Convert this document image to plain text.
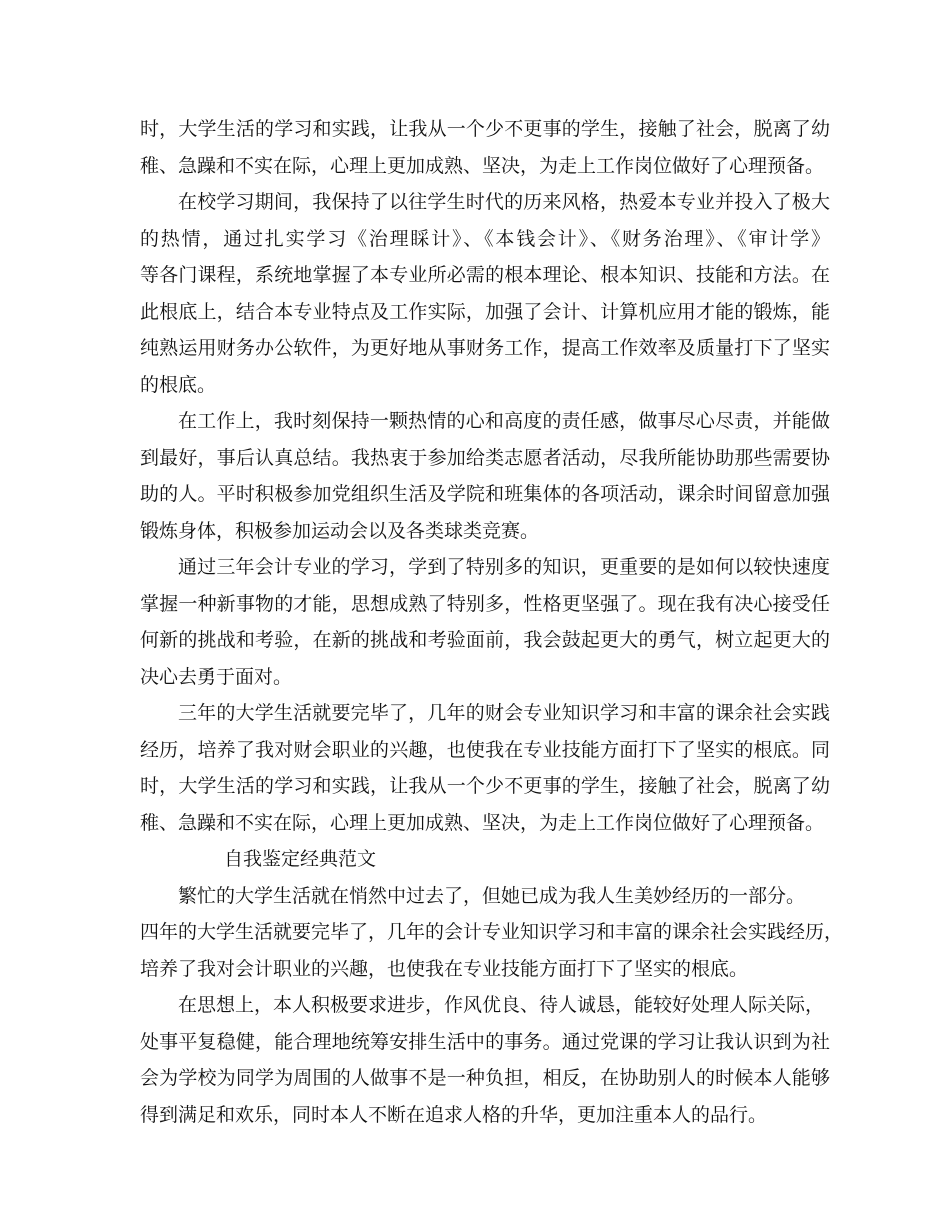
时，大学生活的学习和实践，让我从一个少不更事的学生，接触了社会，脱离了幼
稚、急躁和不实在际，心理上更加成熟、坚决，为走上工作岗位做好了心理预备。
在校学习期间，我保持了以往学生时代的历来风格，热爱本专业并投入了极大
的热情，通过扎实学习《治理睬计》、《本钱会计》、《财务治理》、《审计学》
等各门课程，系统地掌握了本专业所必需的根本理论、根本知识、技能和方法。在
此根底上，结合本专业特点及工作实际，加强了会计、计算机应用才能的锻炼，能
纯熟运用财务办公软件，为更好地从事财务工作，提高工作效率及质量打下了坚实
的根底。
在工作上，我时刻保持一颗热情的心和高度的责任感，做事尽心尽责，并能做
到最好，事后认真总结。我热衷于参加给类志愿者活动，尽我所能协助那些需要协
助的人。平时积极参加党组织生活及学院和班集体的各项活动，课余时间留意加强
锻炼身体，积极参加运动会以及各类球类竞赛。
通过三年会计专业的学习，学到了特别多的知识，更重要的是如何以较快速度
掌握一种新事物的才能，思想成熟了特别多，性格更坚强了。现在我有决心接受任
何新的挑战和考验，在新的挑战和考验面前，我会鼓起更大的勇气，树立起更大的
决心去勇于面对。
三年的大学生活就要完毕了，几年的财会专业知识学习和丰富的课余社会实践
经历，培养了我对财会职业的兴趣，也使我在专业技能方面打下了坚实的根底。同
时，大学生活的学习和实践，让我从一个少不更事的学生，接触了社会，脱离了幼
稚、急躁和不实在际，心理上更加成熟、坚决，为走上工作岗位做好了心理预备。
自我鉴定经典范文
繁忙的大学生活就在悄然中过去了，但她已成为我人生美妙经历的一部分。
四年的大学生活就要完毕了，几年的会计专业知识学习和丰富的课余社会实践经历，
培养了我对会计职业的兴趣，也使我在专业技能方面打下了坚实的根底。
在思想上，本人积极要求进步，作风优良、待人诚恳，能较好处理人际关际，
处事平复稳健，能合理地统筹安排生活中的事务。通过党课的学习让我认识到为社
会为学校为同学为周围的人做事不是一种负担，相反，在协助别人的时候本人能够
得到满足和欢乐，同时本人不断在追求人格的升华，更加注重本人的品行。
